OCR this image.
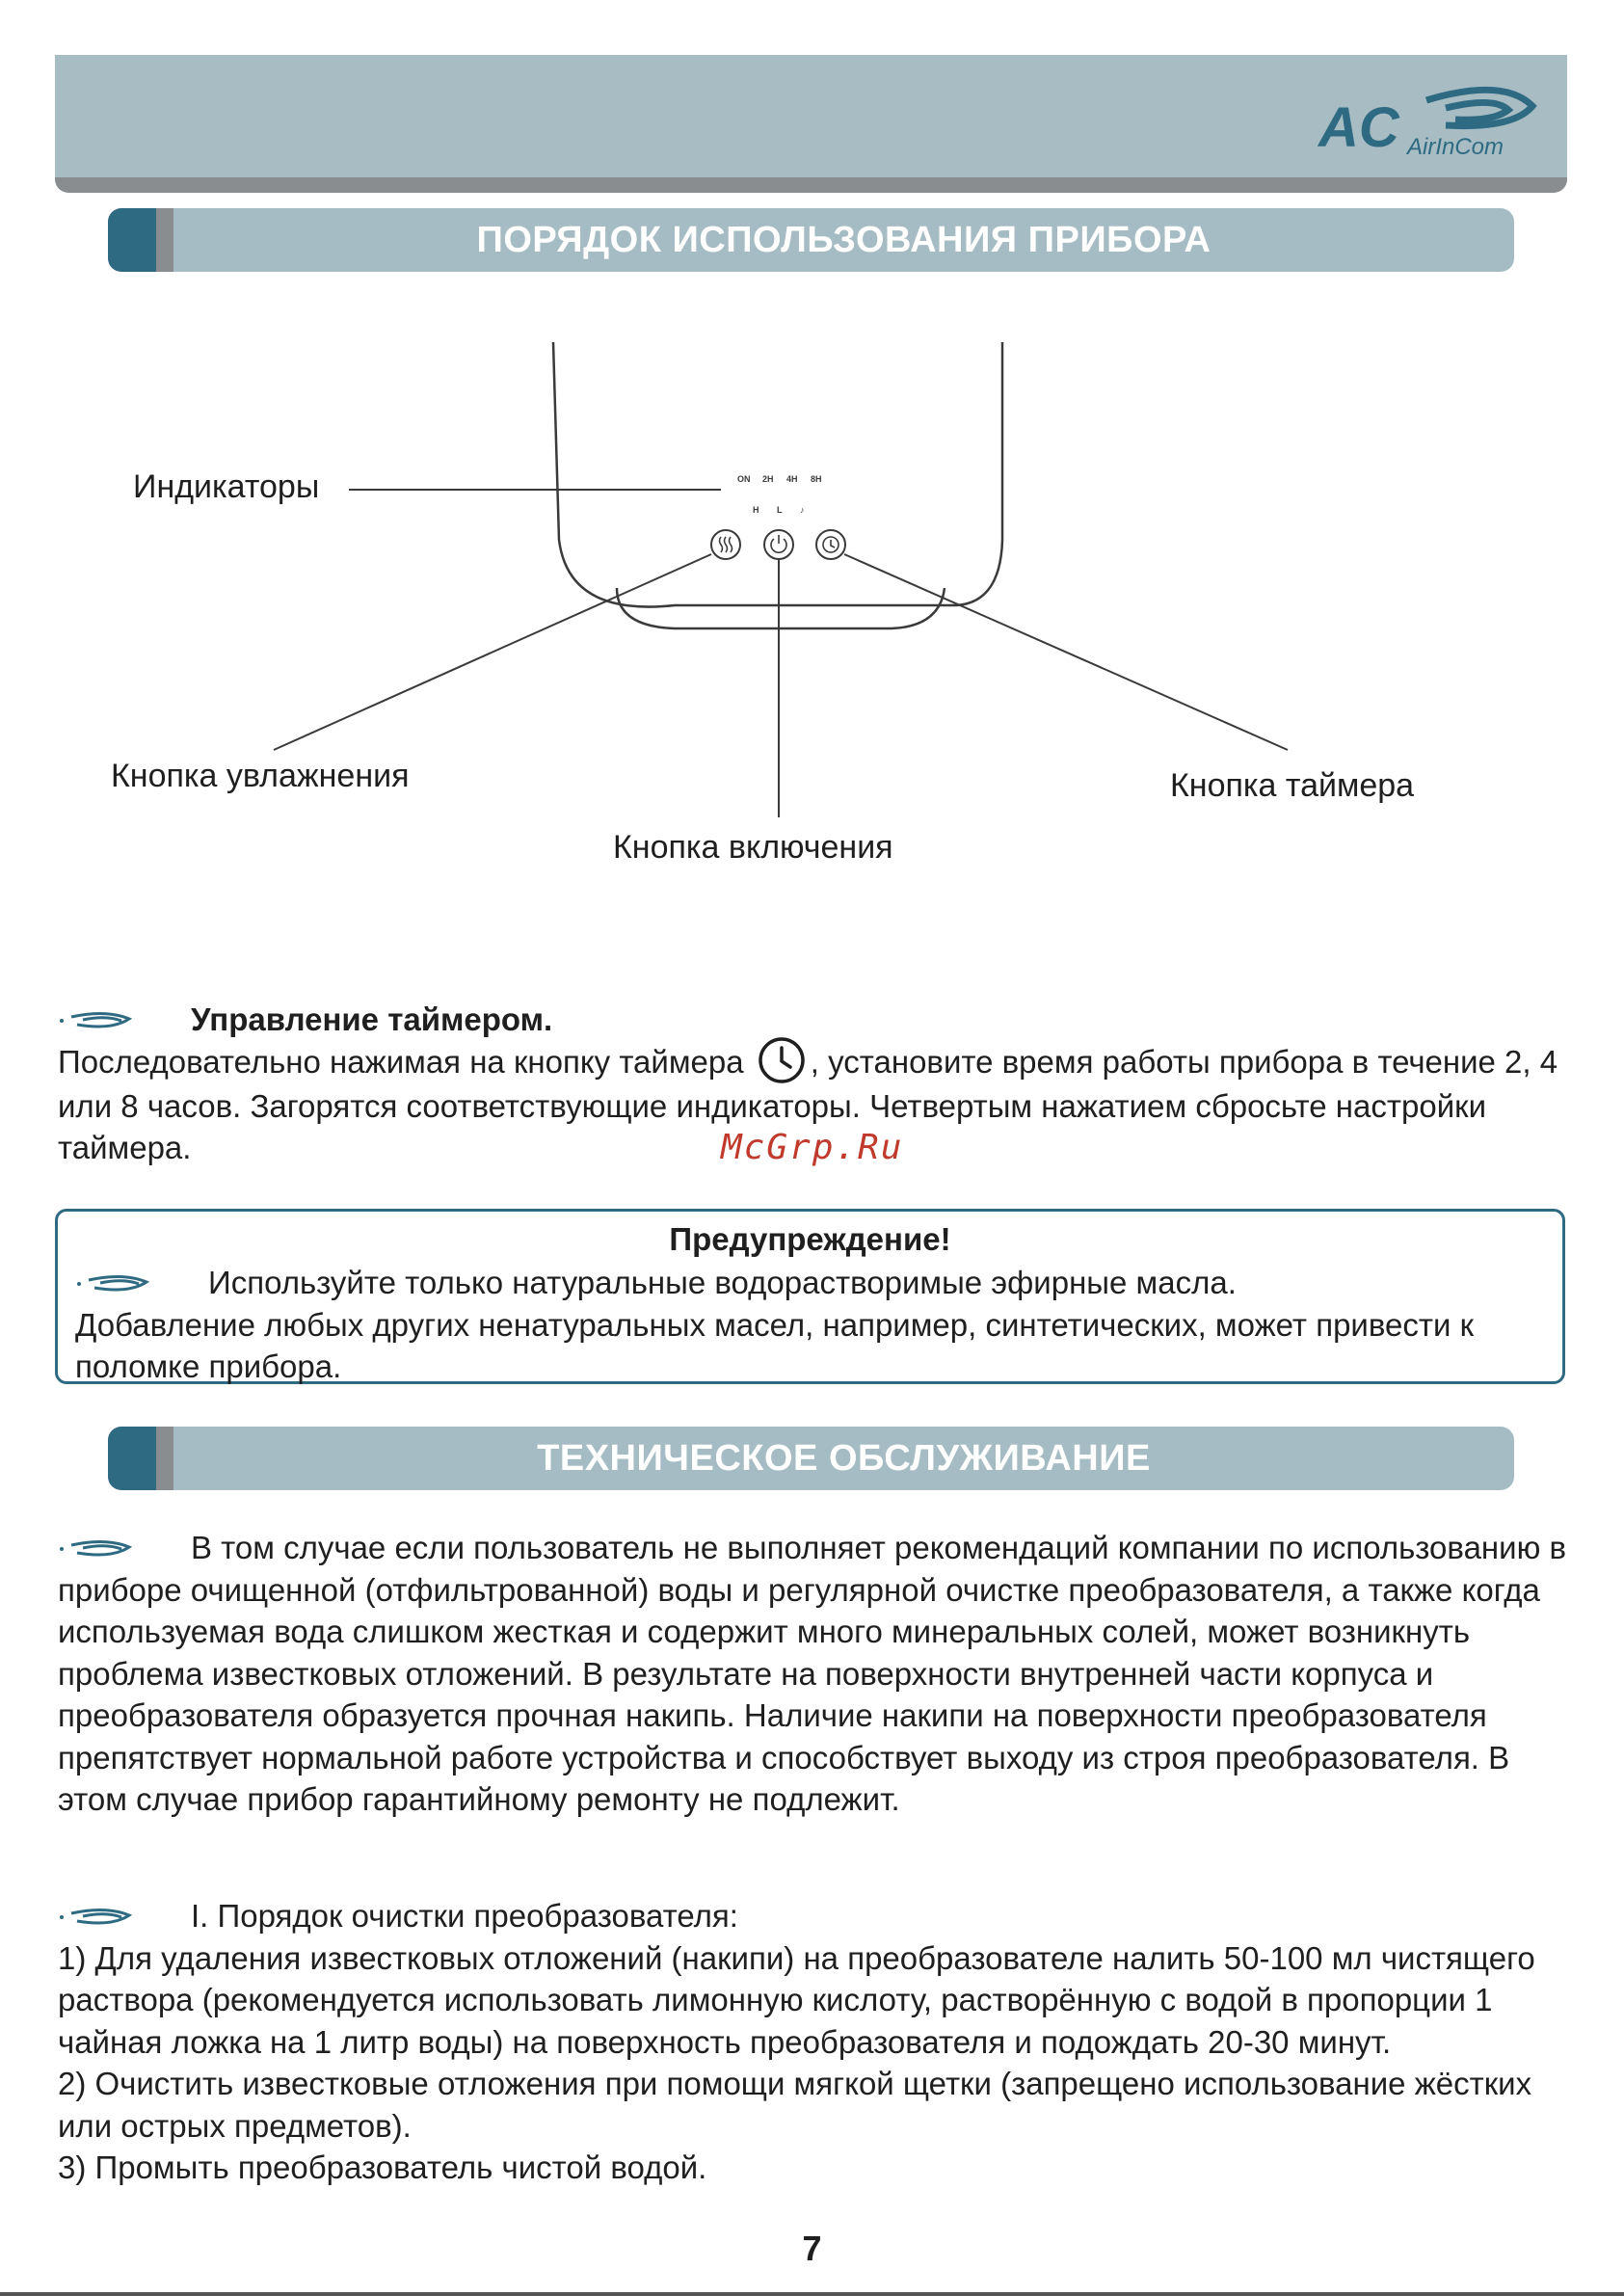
AC AirInCom
ПОРЯДОК ИСПОЛЬЗОВАНИЯ ПРИБОРА
ON 2H 4H 8H
H L ♪
Индикаторы
Кнопка увлажнения
Кнопка включения
Кнопка таймера
Управление таймером.
Последовательно нажимая на кнопку таймера , установите время работы прибора в течение 2, 4 или 8 часов. Загорятся соответствующие индикаторы. Четвертым нажатием сбросьте настройки таймера.	McGrp.Ru
Предупреждение!
Используйте только натуральные водорастворимые эфирные масла.
Добавление любых других ненатуральных масел, например, синтетических, может привести к поломке прибора.
ТЕХНИЧЕСКОЕ ОБСЛУЖИВАНИЕ
В том случае если пользователь не выполняет рекомендаций компании по использованию в приборе очищенной (отфильтрованной) воды и регулярной очистке преобразователя, а также когда используемая вода слишком жесткая и содержит много минеральных солей, может возникнуть проблема известковых отложений. В результате на поверхности внутренней части корпуса и преобразователя образуется прочная накипь. Наличие накипи на поверхности преобразователя препятствует нормальной работе устройства и способствует выходу из строя преобразователя. В этом случае прибор гарантийному ремонту не подлежит.
I. Порядок очистки преобразователя:
1) Для удаления известковых отложений (накипи) на преобразователе налить 50-100 мл чистящего раствора (рекомендуется использовать лимонную кислоту, растворённую с водой в пропорции 1 чайная ложка на 1 литр воды) на поверхность преобразователя и подождать 20-30 минут.
2) Очистить известковые отложения при помощи мягкой щетки (запрещено использование жёстких или острых предметов).
3) Промыть преобразователь чистой водой.
7
